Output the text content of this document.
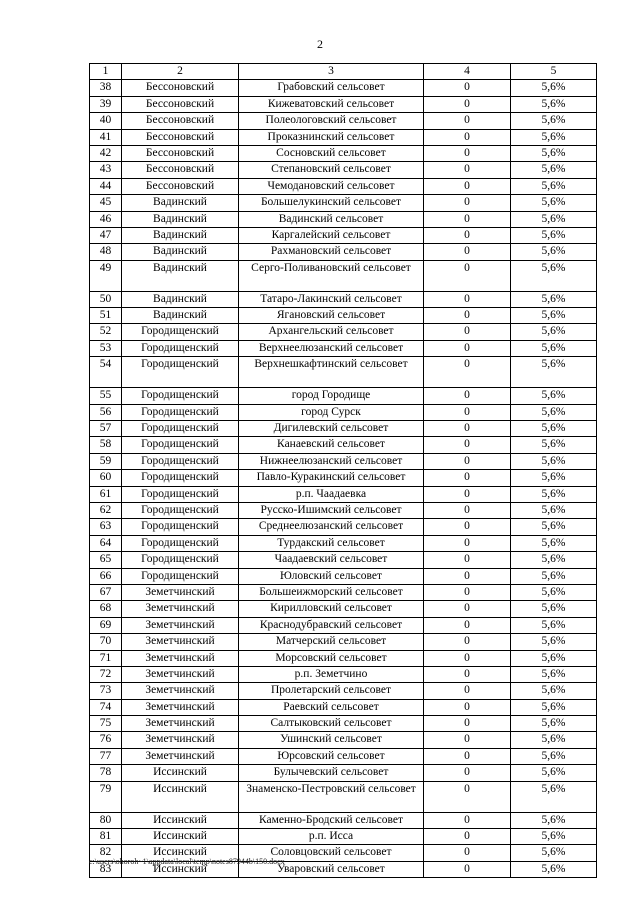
2
1	2	3	4	5
38	Бессоновский	Грабовский сельсовет	0	5,6%
39	Бессоновский	Кижеватовский сельсовет	0	5,6%
40	Бессоновский	Полеологовский сельсовет	0	5,6%
41	Бессоновский	Проказнинский сельсовет	0	5,6%
42	Бессоновский	Сосновский сельсовет	0	5,6%
43	Бессоновский	Степановский сельсовет	0	5,6%
44	Бессоновский	Чемодановский сельсовет	0	5,6%
45	Вадинский	Большелукинский сельсовет	0	5,6%
46	Вадинский	Вадинский сельсовет	0	5,6%
47	Вадинский	Каргалейский сельсовет	0	5,6%
48	Вадинский	Рахмановский сельсовет	0	5,6%
49	Вадинский	Серго-Поливановский сельсовет	0	5,6%
50	Вадинский	Татаро-Лакинский сельсовет	0	5,6%
51	Вадинский	Ягановский сельсовет	0	5,6%
52	Городищенский	Архангельский сельсовет	0	5,6%
53	Городищенский	Верхнеелюзанский сельсовет	0	5,6%
54	Городищенский	Верхнешкафтинский сельсовет	0	5,6%
55	Городищенский	город Городище	0	5,6%
56	Городищенский	город Сурск	0	5,6%
57	Городищенский	Дигилевский сельсовет	0	5,6%
58	Городищенский	Канаевский сельсовет	0	5,6%
59	Городищенский	Нижнеелюзанский сельсовет	0	5,6%
60	Городищенский	Павло-Куракинский сельсовет	0	5,6%
61	Городищенский	р.п. Чаадаевка	0	5,6%
62	Городищенский	Русско-Ишимский сельсовет	0	5,6%
63	Городищенский	Среднеелюзанский сельсовет	0	5,6%
64	Городищенский	Турдакский сельсовет	0	5,6%
65	Городищенский	Чаадаевский сельсовет	0	5,6%
66	Городищенский	Юловский сельсовет	0	5,6%
67	Земетчинский	Большеижморский сельсовет	0	5,6%
68	Земетчинский	Кирилловский сельсовет	0	5,6%
69	Земетчинский	Краснодубравский сельсовет	0	5,6%
70	Земетчинский	Матчерский сельсовет	0	5,6%
71	Земетчинский	Морсовский сельсовет	0	5,6%
72	Земетчинский	р.п. Земетчино	0	5,6%
73	Земетчинский	Пролетарский сельсовет	0	5,6%
74	Земетчинский	Раевский сельсовет	0	5,6%
75	Земетчинский	Салтыковский сельсовет	0	5,6%
76	Земетчинский	Ушинский сельсовет	0	5,6%
77	Земетчинский	Юрсовский сельсовет	0	5,6%
78	Иссинский	Булычевский сельсовет	0	5,6%
79	Иссинский	Знаменско-Пестровский сельсовет	0	5,6%
80	Иссинский	Каменно-Бродский сельсовет	0	5,6%
81	Иссинский	р.п. Исса	0	5,6%
82	Иссинский	Соловцовский сельсовет	0	5,6%
83	Иссинский	Уваровский сельсовет	0	5,6%
c:\users\ohoroh~1\appdata\local\temp\notes87944b\150.docx
